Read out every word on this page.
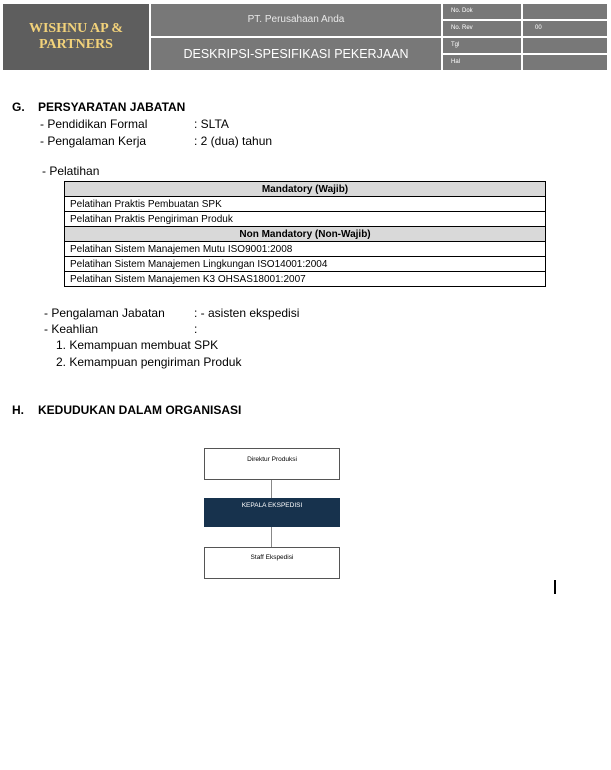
WISHNU AP &
PARTNERS
PT. Perusahaan Anda
DESKRIPSI-SPESIFIKASI PEKERJAAN
No. Dok
No. Rev	00
Tgl
Hal
G. PERSYARATAN JABATAN
- Pendidikan Formal	: SLTA
- Pengalaman Kerja	: 2 (dua) tahun
- Pelatihan
Mandatory (Wajib)
Pelatihan Praktis Pembuatan SPK
Pelatihan Praktis Pengiriman Produk
Non Mandatory (Non-Wajib)
Pelatihan Sistem Manajemen Mutu ISO9001:2008
Pelatihan Sistem Manajemen Lingkungan ISO14001:2004
Pelatihan Sistem Manajemen K3 OHSAS18001:2007
- Pengalaman Jabatan : - asisten ekspedisi
- Keahlian	:
1. Kemampuan membuat SPK
2. Kemampuan pengiriman Produk
H. KEDUDUKAN DALAM ORGANISASI
Direktur Produksi
KEPALA EKSPEDISI
Staff Ekspedisi
